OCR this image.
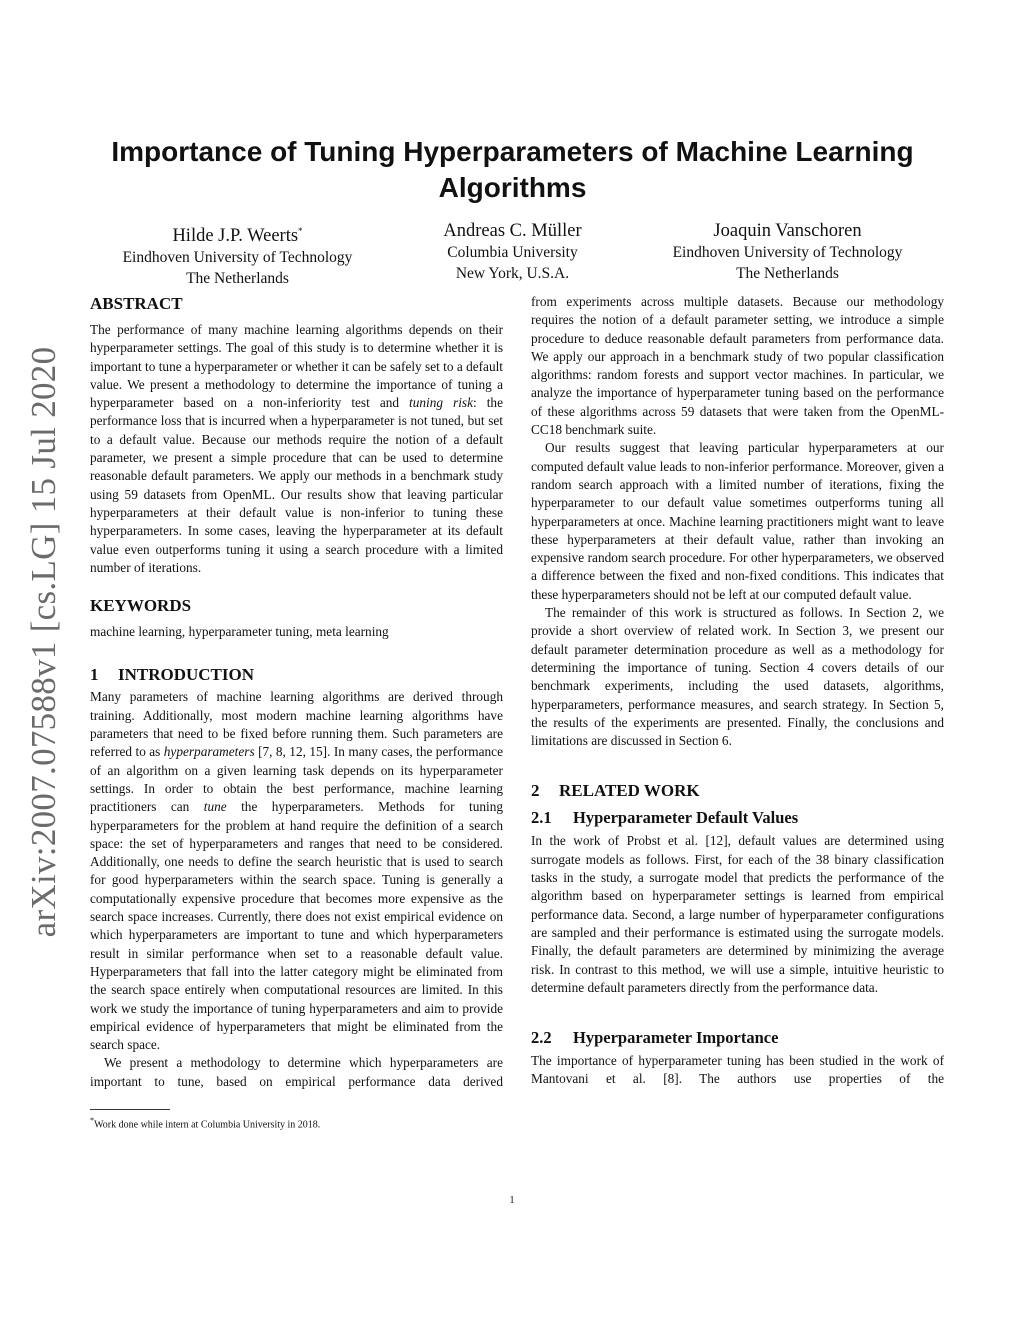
arXiv:2007.07588v1 [cs.LG] 15 Jul 2020
Importance of Tuning Hyperparameters of Machine Learning Algorithms
Hilde J.P. Weerts*
Eindhoven University of Technology
The Netherlands
Andreas C. Müller
Columbia University
New York, U.S.A.
Joaquin Vanschoren
Eindhoven University of Technology
The Netherlands
ABSTRACT

The performance of many machine learning algorithms depends on their hyperparameter settings. The goal of this study is to determine whether it is important to tune a hyperparameter or whether it can be safely set to a default value. We present a methodology to determine the importance of tuning a hyperparameter based on a non-inferiority test and tuning risk: the performance loss that is incurred when a hyperparameter is not tuned, but set to a default value. Because our methods require the notion of a default parameter, we present a simple procedure that can be used to determine reasonable default parameters. We apply our methods in a benchmark study using 59 datasets from OpenML. Our results show that leaving particular hyperparameters at their default value is non-inferior to tuning these hyperparameters. In some cases, leaving the hyperparameter at its default value even outperforms tuning it using a search procedure with a limited number of iterations.

KEYWORDS

machine learning, hyperparameter tuning, meta learning

1 INTRODUCTION

Many parameters of machine learning algorithms are derived through training. Additionally, most modern machine learning algorithms have parameters that need to be fixed before running them. Such parameters are referred to as hyperparameters [7, 8, 12, 15]. In many cases, the performance of an algorithm on a given learning task depends on its hyperparameter settings. In order to obtain the best performance, machine learning practitioners can tune the hyperparameters. Methods for tuning hyperparameters for the problem at hand require the definition of a search space: the set of hyperparameters and ranges that need to be considered. Additionally, one needs to define the search heuristic that is used to search for good hyperparameters within the search space. Tuning is generally a computationally expensive procedure that becomes more expensive as the search space increases. Currently, there does not exist empirical evidence on which hyperparameters are important to tune and which hyperparameters result in similar performance when set to a reasonable default value. Hyperparameters that fall into the latter category might be eliminated from the search space entirely when computational resources are limited. In this work we study the importance of tuning hyperparameters and aim to provide empirical evidence of hyperparameters that might be eliminated from the search space.

We present a methodology to determine which hyperparameters are important to tune, based on empirical performance data derived

*Work done while intern at Columbia University in 2018.

from experiments across multiple datasets. Because our methodology requires the notion of a default parameter setting, we introduce a simple procedure to deduce reasonable default parameters from performance data. We apply our approach in a benchmark study of two popular classification algorithms: random forests and support vector machines. In particular, we analyze the importance of hyperparameter tuning based on the performance of these algorithms across 59 datasets that were taken from the OpenML-CC18 benchmark suite.

Our results suggest that leaving particular hyperparameters at our computed default value leads to non-inferior performance. Moreover, given a random search approach with a limited number of iterations, fixing the hyperparameter to our default value sometimes outperforms tuning all hyperparameters at once. Machine learning practitioners might want to leave these hyperparameters at their default value, rather than invoking an expensive random search procedure. For other hyperparameters, we observed a difference between the fixed and non-fixed conditions. This indicates that these hyperparameters should not be left at our computed default value.

The remainder of this work is structured as follows. In Section 2, we provide a short overview of related work. In Section 3, we present our default parameter determination procedure as well as a methodology for determining the importance of tuning. Section 4 covers details of our benchmark experiments, including the used datasets, algorithms, hyperparameters, performance measures, and search strategy. In Section 5, the results of the experiments are presented. Finally, the conclusions and limitations are discussed in Section 6.

2 RELATED WORK
2.1 Hyperparameter Default Values

In the work of Probst et al. [12], default values are determined using surrogate models as follows. First, for each of the 38 binary classification tasks in the study, a surrogate model that predicts the performance of the algorithm based on hyperparameter settings is learned from empirical performance data. Second, a large number of hyperparameter configurations are sampled and their performance is estimated using the surrogate models. Finally, the default parameters are determined by minimizing the average risk. In contrast to this method, we will use a simple, intuitive heuristic to determine default parameters directly from the performance data.

2.2 Hyperparameter Importance

The importance of hyperparameter tuning has been studied in the work of Mantovani et al. [8]. The authors use properties of the

1
